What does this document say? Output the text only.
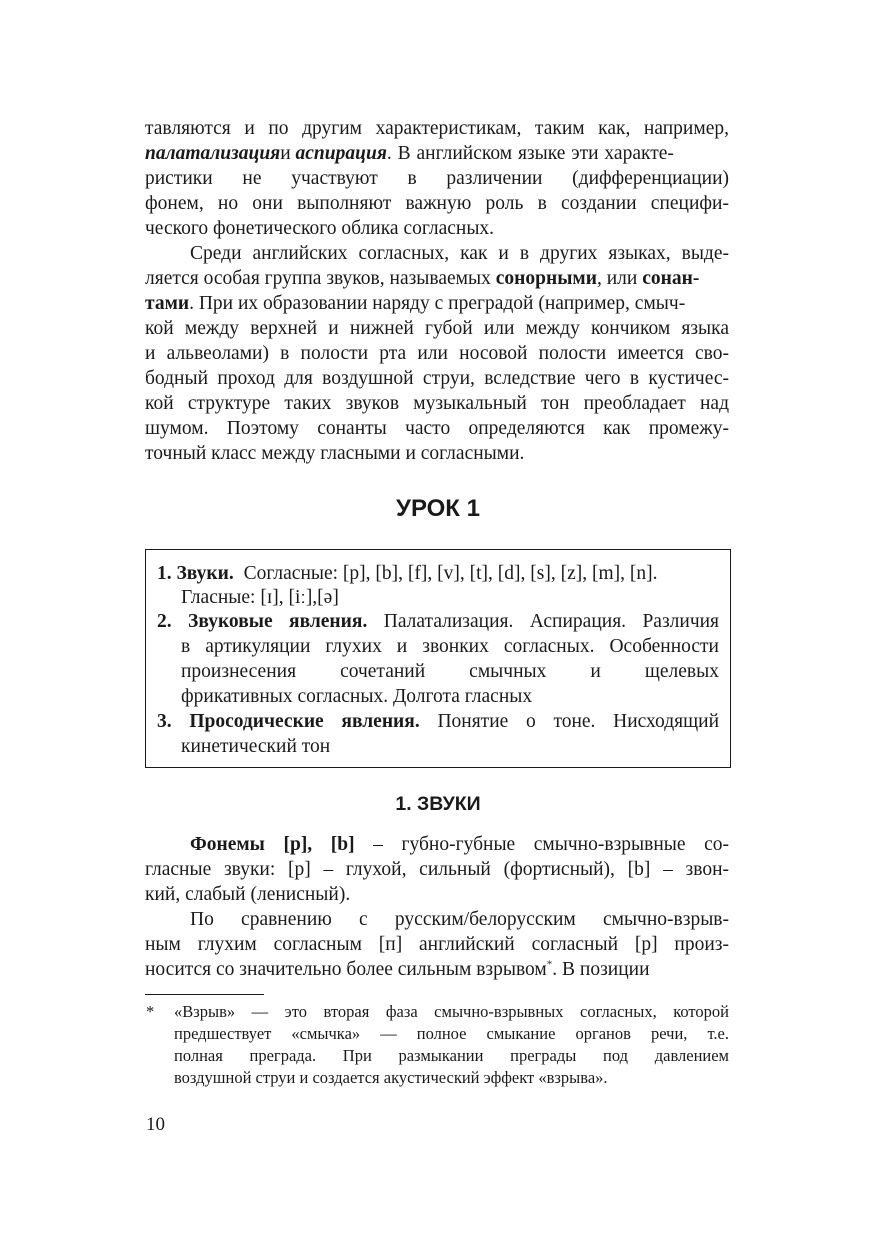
тавляются и по другим характеристикам, таким как, например,
палатализацияи аспирация. В английском языке эти характе-
ристики не участвуют в различении (дифференциации)
фонем, но они выполняют важную роль в создании специфи-
ческого фонетического облика согласных.
Среди английских согласных, как и в других языках, выде-
ляется особая группа звуков, называемых сонорными, или сонан-
тами. При их образовании наряду с преградой (например, смыч-
кой между верхней и нижней губой или между кончиком языка
и альвеолами) в полости рта или носовой полости имеется сво-
бодный проход для воздушной струи, вследствие чего в кустичес-
кой структуре таких звуков музыкальный тон преобладает над
шумом. Поэтому сонанты часто определяются как промежу-
точный класс между гласными и согласными.
УРОК 1
1. Звуки. Согласные: [p], [b], [f], [v], [t], [d], [s], [z], [m], [n].
Гласные: [ɪ], [iː],[ə]
2. Звуковые явления. Палатализация. Аспирация. Различия
в артикуляции глухих и звонких согласных. Особенности
произнесения сочетаний смычных и щелевых
фрикативных согласных. Долгота гласных
3. Просодические явления. Понятие о тоне. Нисходящий
кинетический тон
1. ЗВУКИ
Фонемы [p], [b] – губно-губные смычно-взрывные со-
гласные звуки: [p] – глухой, сильный (фортисный), [b] – звон-
кий, слабый (ленисный).
По сравнению с русским/белорусским смычно-взрыв-
ным глухим согласным [п] английский согласный [p] произ-
носится со значительно более сильным взрывом*. В позиции
* «Взрыв» — это вторая фаза смычно-взрывных согласных, которой
предшествует «смычка» — полное смыкание органов речи, т.е.
полная преграда. При размыкании преграды под давлением
воздушной струи и создается акустический эффект «взрыва».
10
